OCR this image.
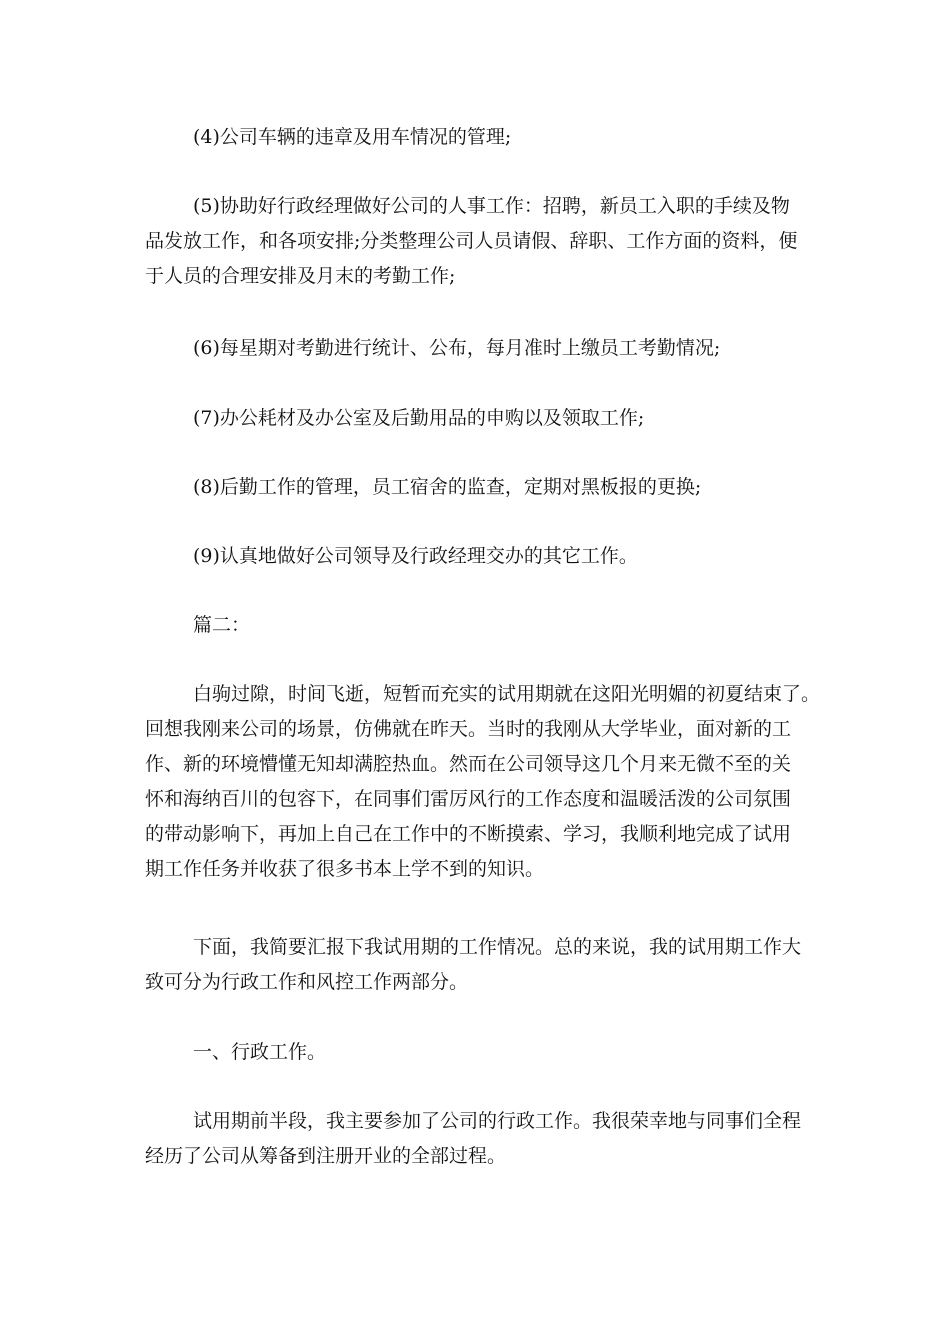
(4)公司车辆的违章及用车情况的管理;

(5)协助好行政经理做好公司的人事工作：招聘，新员工入职的手续及物
品发放工作，和各项安排;分类整理公司人员请假、辞职、工作方面的资料，便
于人员的合理安排及月末的考勤工作;

(6)每星期对考勤进行统计、公布，每月准时上缴员工考勤情况;

(7)办公耗材及办公室及后勤用品的申购以及领取工作;

(8)后勤工作的管理，员工宿舍的监查，定期对黑板报的更换;

(9)认真地做好公司领导及行政经理交办的其它工作。

篇二：

白驹过隙，时间飞逝，短暂而充实的试用期就在这阳光明媚的初夏结束了。
回想我刚来公司的场景，仿佛就在昨天。当时的我刚从大学毕业，面对新的工
作、新的环境懵懂无知却满腔热血。然而在公司领导这几个月来无微不至的关
怀和海纳百川的包容下，在同事们雷厉风行的工作态度和温暖活泼的公司氛围
的带动影响下，再加上自己在工作中的不断摸索、学习，我顺利地完成了试用
期工作任务并收获了很多书本上学不到的知识。

下面，我简要汇报下我试用期的工作情况。总的来说，我的试用期工作大
致可分为行政工作和风控工作两部分。

一、行政工作。

试用期前半段，我主要参加了公司的行政工作。我很荣幸地与同事们全程
经历了公司从筹备到注册开业的全部过程。
